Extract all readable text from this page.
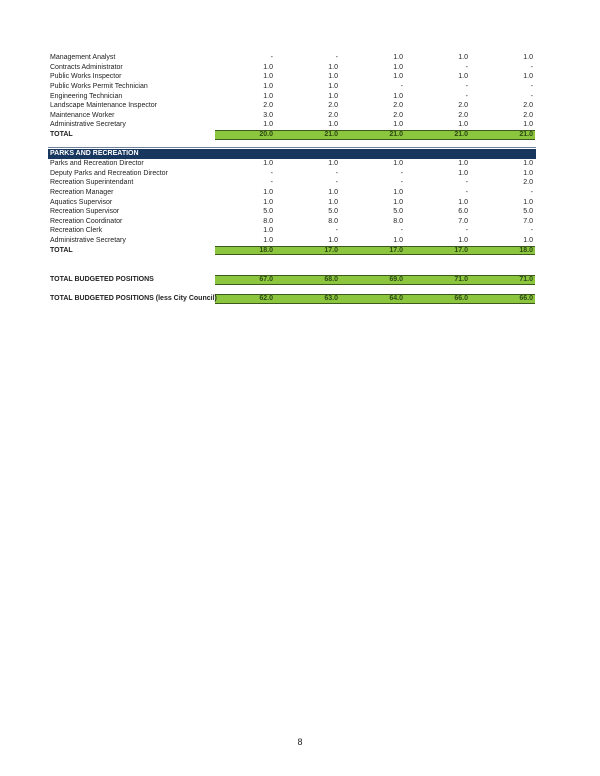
Management Analyst	-	-	1.0	1.0	1.0
Contracts Administrator	1.0	1.0	1.0	-	-
Public Works Inspector	1.0	1.0	1.0	1.0	1.0
Public Works Permit Technician	1.0	1.0	-	-	-
Engineering Technician	1.0	1.0	1.0	-	-
Landscape Maintenance Inspector	2.0	2.0	2.0	2.0	2.0
Maintenance Worker	3.0	2.0	2.0	2.0	2.0
Administrative Secretary	1.0	1.0	1.0	1.0	1.0
TOTAL	20.0	21.0	21.0	21.0	21.0
Parks and Recreation Director	1.0	1.0	1.0	1.0	1.0
Deputy Parks and Recreation Director	-	-	-	1.0	1.0
Recreation Superintendant	-	-	-	-	2.0
Recreation Manager	1.0	1.0	1.0	-	-
Aquatics Supervisor	1.0	1.0	1.0	1.0	1.0
Recreation Supervisor	5.0	5.0	5.0	6.0	5.0
Recreation Coordinator	8.0	8.0	8.0	7.0	7.0
Recreation Clerk	1.0	-	-	-	-
Administrative Secretary	1.0	1.0	1.0	1.0	1.0
TOTAL	18.0	17.0	17.0	17.0	18.0
TOTAL BUDGETED POSITIONS	67.0	68.0	69.0	71.0	71.0
TOTAL BUDGETED POSITIONS (less City Council)	62.0	63.0	64.0	66.0	66.0
PARKS AND RECREATION
8
